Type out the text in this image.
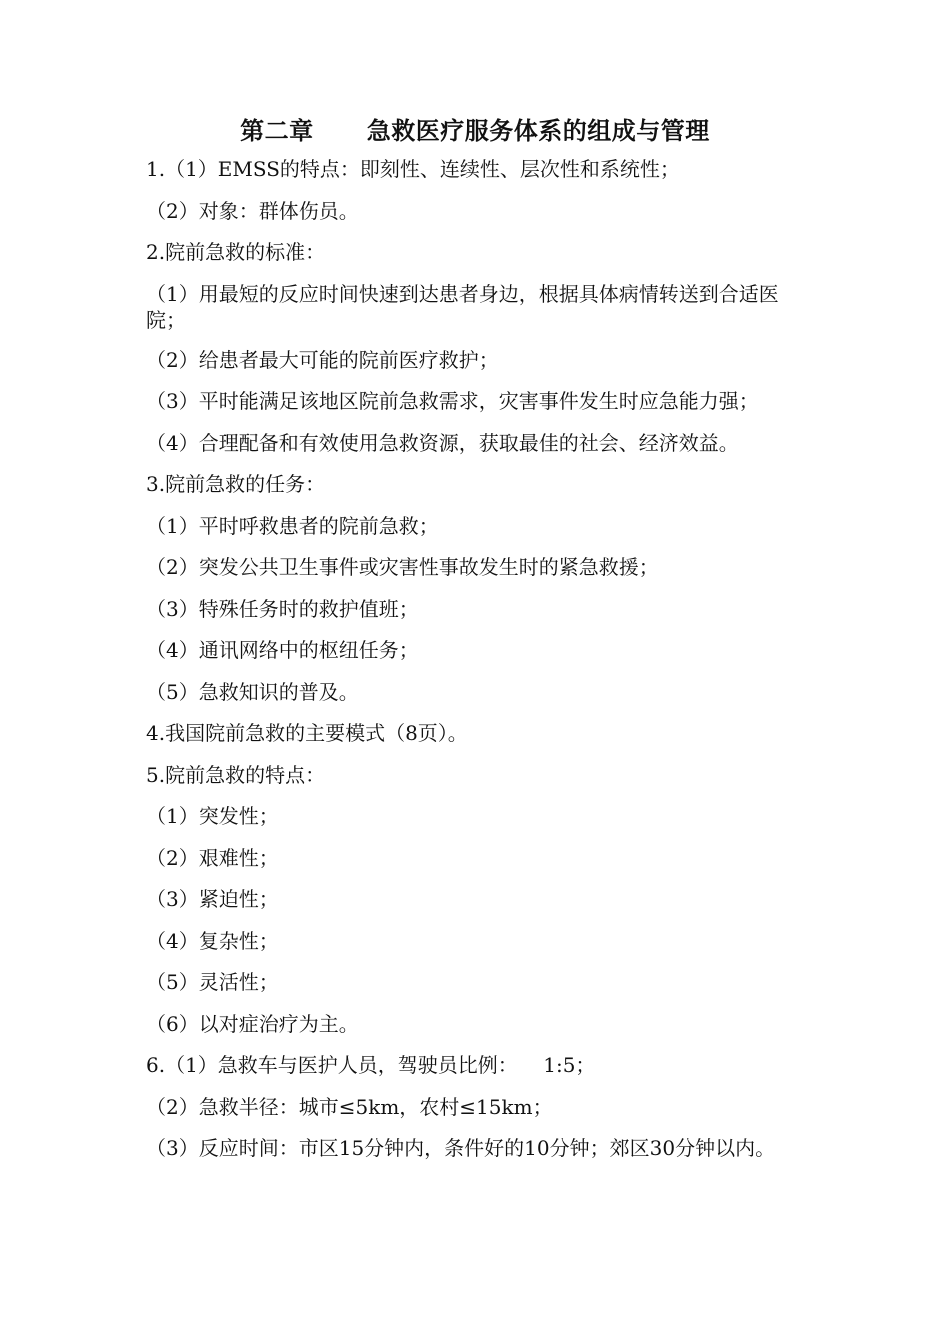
第二章      急救医疗服务体系的组成与管理
1.（1）EMSS的特点：即刻性、连续性、层次性和系统性；
（2）对象：群体伤员。
2.院前急救的标准：
（1）用最短的反应时间快速到达患者身边，根据具体病情转送到合适医院；
（2）给患者最大可能的院前医疗救护；
（3）平时能满足该地区院前急救需求，灾害事件发生时应急能力强；
（4）合理配备和有效使用急救资源，获取最佳的社会、经济效益。
3.院前急救的任务：
（1）平时呼救患者的院前急救；
（2）突发公共卫生事件或灾害性事故发生时的紧急救援；
（3）特殊任务时的救护值班；
（4）通讯网络中的枢纽任务；
（5）急救知识的普及。
4.我国院前急救的主要模式（8页）。
5.院前急救的特点：
（1）突发性；
（2）艰难性；
（3）紧迫性；
（4）复杂性；
（5）灵活性；
（6）以对症治疗为主。
6.（1）急救车与医护人员，驾驶员比例：    1:5；
（2）急救半径：城市≤5km，农村≤15km；
（3）反应时间：市区15分钟内，条件好的10分钟；郊区30分钟以内。
